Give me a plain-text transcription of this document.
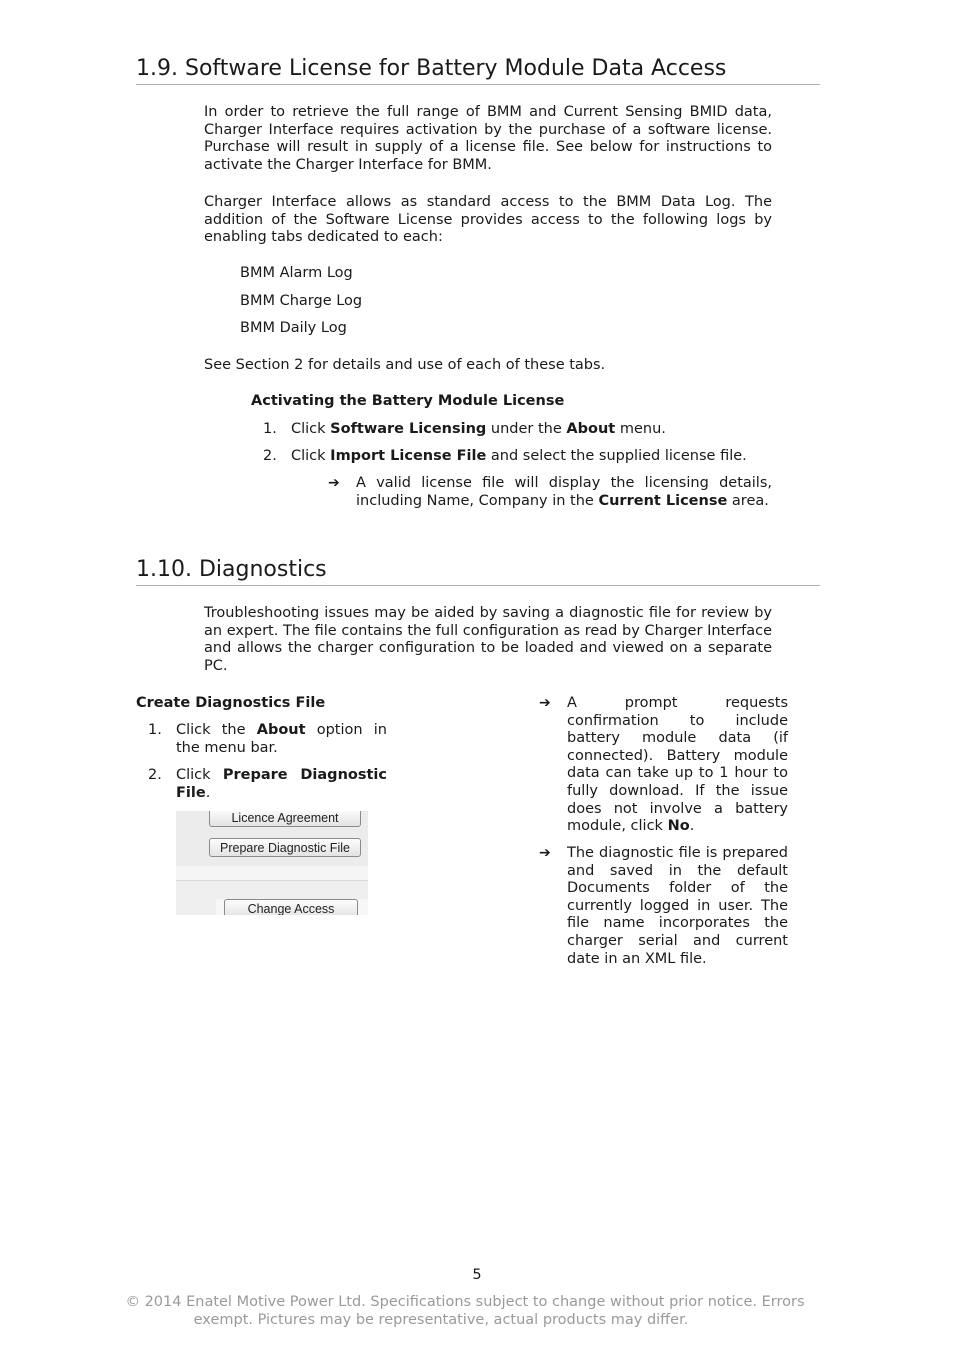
1.9. Software License for Battery Module Data Access

In order to retrieve the full range of BMM and Current Sensing BMID data, Charger Interface requires activation by the purchase of a software license. Purchase will result in supply of a license file. See below for instructions to activate the Charger Interface for BMM.

Charger Interface allows as standard access to the BMM Data Log. The addition of the Software License provides access to the following logs by enabling tabs dedicated to each:

BMM Alarm Log
BMM Charge Log
BMM Daily Log
See Section 2 for details and use of each of these tabs.
Activating the Battery Module License
1. Click Software Licensing under the About menu.
2. Click Import License File and select the supplied license file.
➔ A valid license file will display the licensing details, including Name, Company in the Current License area.

1.10. Diagnostics

Troubleshooting issues may be aided by saving a diagnostic file for review by an expert. The file contains the full configuration as read by Charger Interface and allows the charger configuration to be loaded and viewed on a separate PC.

Create Diagnostics File
1. Click the About option in the menu bar.

2. Click Prepare Diagnostic File.

Licence Agreement
Prepare Diagnostic File
Change Access
➔ A prompt requests confirmation to include battery module data (if connected). Battery module data can take up to 1 hour to fully download. If the issue does not involve a battery module, click No.

➔ The diagnostic file is prepared and saved in the default Documents folder of the currently logged in user. The file name incorporates the charger serial and current date in an XML file.

5
© 2014 Enatel Motive Power Ltd. Specifications subject to change without prior notice. Errors
exempt. Pictures may be representative, actual products may differ.
